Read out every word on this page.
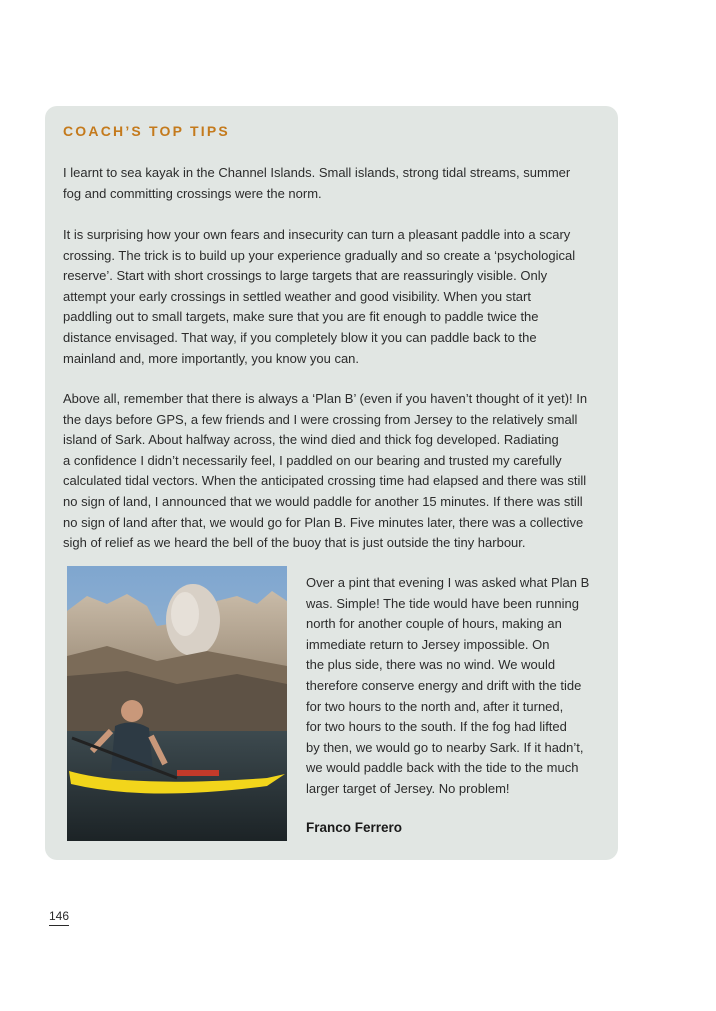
COACH’S TOP TIPS

I learnt to sea kayak in the Channel Islands. Small islands, strong tidal streams, summer
fog and committing crossings were the norm.

It is surprising how your own fears and insecurity can turn a pleasant paddle into a scary
crossing. The trick is to build up your experience gradually and so create a ‘psychological
reserve’. Start with short crossings to large targets that are reassuringly visible. Only
attempt your early crossings in settled weather and good visibility. When you start
paddling out to small targets, make sure that you are fit enough to paddle twice the
distance envisaged. That way, if you completely blow it you can paddle back to the
mainland and, more importantly, you know you can.

Above all, remember that there is always a ‘Plan B’ (even if you haven’t thought of it yet)! In
the days before GPS, a few friends and I were crossing from Jersey to the relatively small
island of Sark. About halfway across, the wind died and thick fog developed. Radiating
a confidence I didn’t necessarily feel, I paddled on our bearing and trusted my carefully
calculated tidal vectors. When the anticipated crossing time had elapsed and there was still
no sign of land, I announced that we would paddle for another 15 minutes. If there was still
no sign of land after that, we would go for Plan B. Five minutes later, there was a collective
sigh of relief as we heard the bell of the buoy that is just outside the tiny harbour.

Over a pint that evening I was asked what Plan B
was. Simple! The tide would have been running
north for another couple of hours, making an
immediate return to Jersey impossible. On
the plus side, there was no wind. We would
therefore conserve energy and drift with the tide
for two hours to the north and, after it turned,
for two hours to the south. If the fog had lifted
by then, we would go to nearby Sark. If it hadn’t,
we would paddle back with the tide to the much
larger target of Jersey. No problem!

Franco Ferrero

146
